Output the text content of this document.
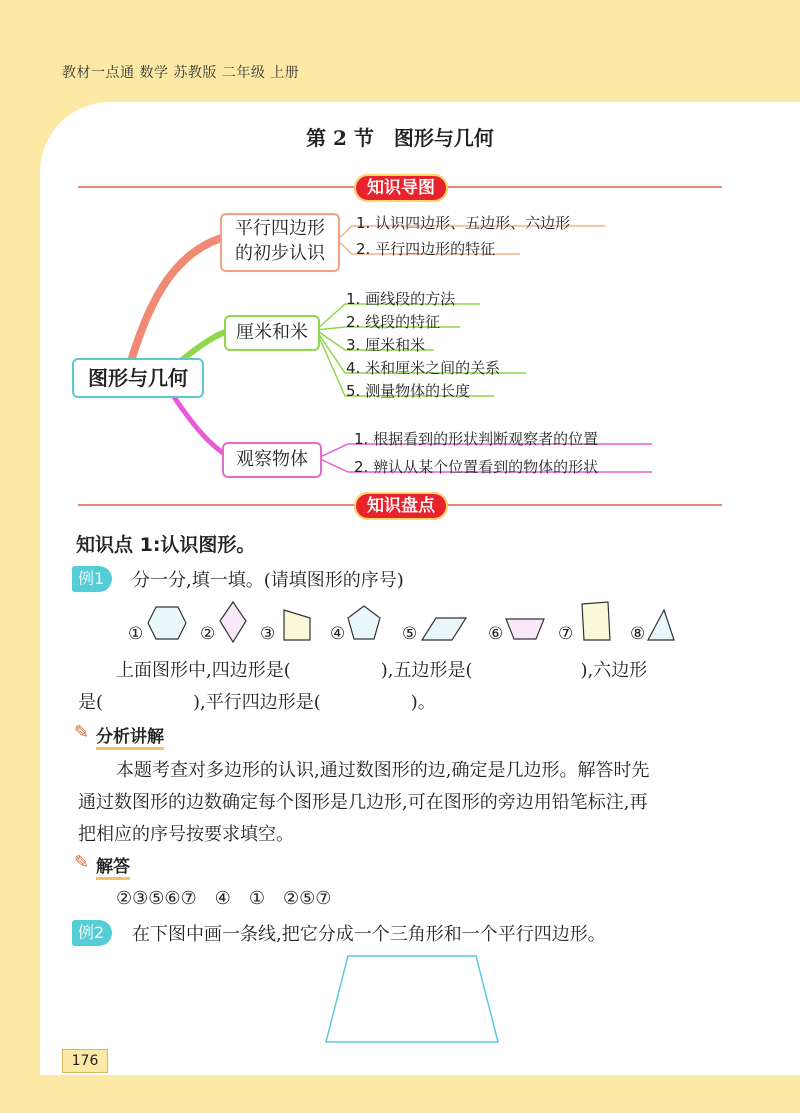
教材一点通 数学 苏教版 二年级 上册
第 2 节　图形与几何
知识导图
图形与几何
平行四边形
的初步认识
1. 认识四边形、五边形、六边形
2. 平行四边形的特征
厘米和米
1. 画线段的方法
2. 线段的特征
3. 厘米和米
4. 米和厘米之间的关系
5. 测量物体的长度
观察物体
1. 根据看到的形状判断观察者的位置
2. 辨认从某个位置看到的物体的形状
知识盘点
知识点 1:认识图形。
例1	分一分,填一填。(请填图形的序号)
①	②	③	④	⑤	⑥	⑦	⑧
上面图形中,四边形是(　　　　　),五边形是(　　　　　　),六边形
是(　　　　　),平行四边形是(　　　　　)。
✎ 分析讲解
本题考查对多边形的认识,通过数图形的边,确定是几边形。解答时先
通过数图形的边数确定每个图形是几边形,可在图形的旁边用铅笔标注,再
把相应的序号按要求填空。
✎ 解答
②③⑤⑥⑦　④　①　②⑤⑦
例2	在下图中画一条线,把它分成一个三角形和一个平行四边形。
176
